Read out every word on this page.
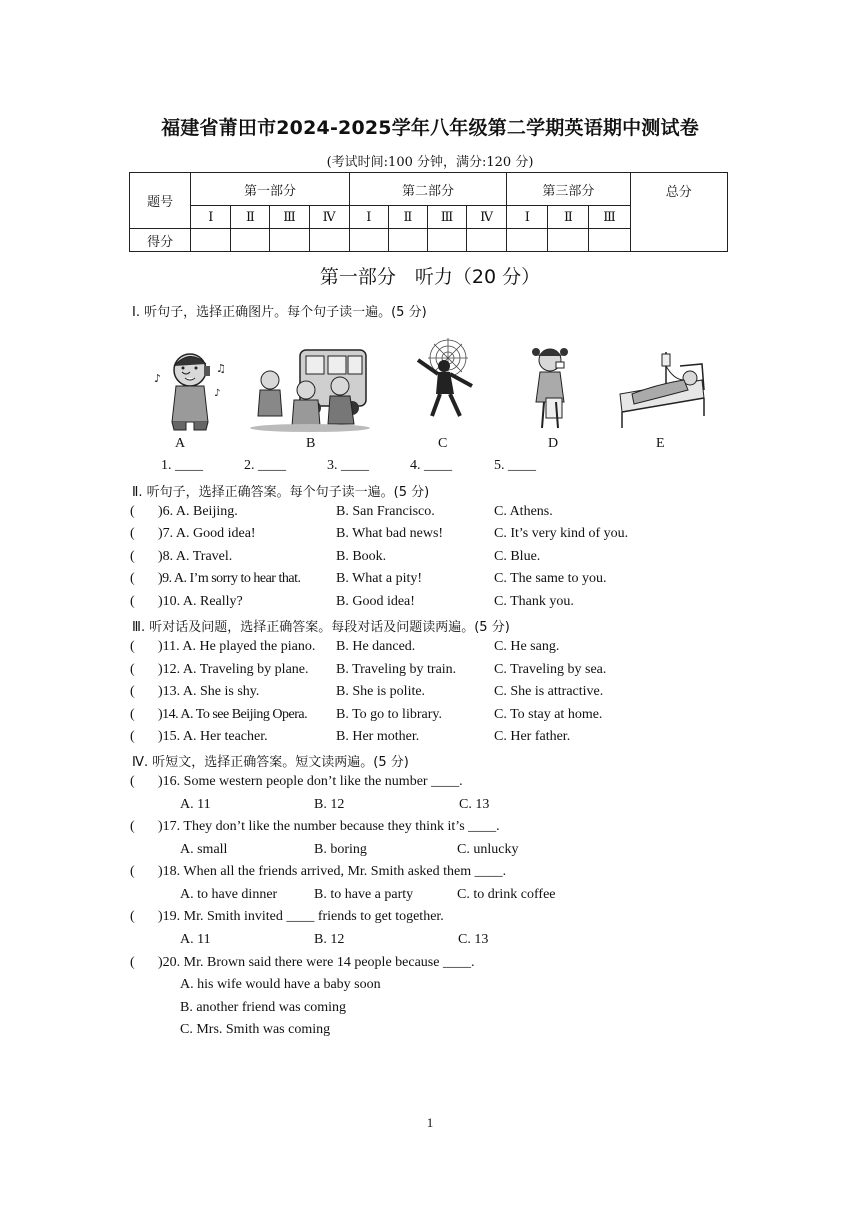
福建省莆田市2024-2025学年八年级第二学期英语期中测试卷
(考试时间:100 分钟，满分:120 分)
题号	第一部分				第二部分				第三部分			总分
	Ⅰ	Ⅱ	Ⅲ	Ⅳ	Ⅰ	Ⅱ	Ⅲ	Ⅳ	Ⅰ	Ⅱ	Ⅲ	
得分												
第一部分　听力（20 分）
Ⅰ. 听句子，选择正确图片。每个句子读一遍。(5 分)
♪
♫
♪
A	B	C	D	E
1. ____	2. ____	3. ____	4. ____	5. ____
Ⅱ. 听句子，选择正确答案。每个句子读一遍。(5 分)
( )6. A. Beijing.	B. San Francisco.	C. Athens.
( )7. A. Good idea!	B. What bad news!	C. It’s very kind of you.
( )8. A. Travel.	B. Book.	C. Blue.
( )9. A. I’m sorry to hear that.	B. What a pity!	C. The same to you.
( )10. A. Really?	B. Good idea!	C. Thank you.
Ⅲ. 听对话及问题，选择正确答案。每段对话及问题读两遍。(5 分)
( )11. A. He played the piano. B. He danced.	C. He sang.
( )12. A. Traveling by plane. B. Traveling by train.	C. Traveling by sea.
( )13. A. She is shy.	B. She is polite.	C. She is attractive.
( )14. A. To see Beijing Opera. B. To go to library.	C. To stay at home.
( )15. A. Her teacher.	B. Her mother.	C. Her father.
Ⅳ. 听短文，选择正确答案。短文读两遍。(5 分)
( )16. Some western people don’t like the number ____.
A. 11	B. 12	C. 13
( )17. They don’t like the number because they think it’s ____.
A. small	B. boring	C. unlucky
( )18. When all the friends arrived, Mr. Smith asked them ____.
A. to have dinner	B. to have a party	C. to drink coffee
( )19. Mr. Smith invited ____ friends to get together.
A. 11	B. 12	C. 13
( )20. Mr. Brown said there were 14 people because ____.
A. his wife would have a baby soon
B. another friend was coming
C. Mrs. Smith was coming
1
